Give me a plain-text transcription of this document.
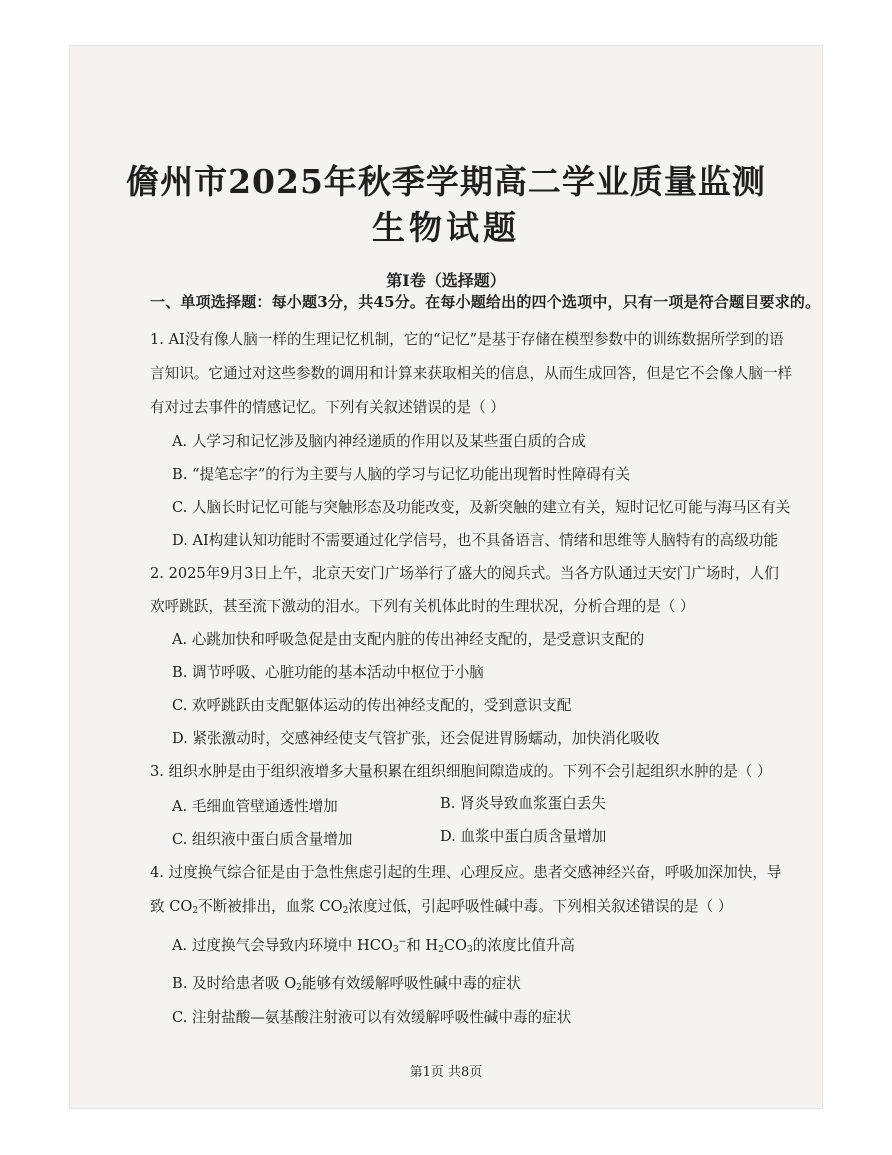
儋州市2025年秋季学期高二学业质量监测
生物试题
第Ⅰ卷（选择题）
一、单项选择题：每小题3分，共45分。在每小题给出的四个选项中，只有一项是符合题目要求的。
1. AI没有像人脑一样的生理记忆机制，它的“记忆”是基于存储在模型参数中的训练数据所学到的语
言知识。它通过对这些参数的调用和计算来获取相关的信息，从而生成回答，但是它不会像人脑一样
有对过去事件的情感记忆。下列有关叙述错误的是（ ）
A. 人学习和记忆涉及脑内神经递质的作用以及某些蛋白质的合成
B. “提笔忘字”的行为主要与人脑的学习与记忆功能出现暂时性障碍有关
C. 人脑长时记忆可能与突触形态及功能改变，及新突触的建立有关，短时记忆可能与海马区有关
D. AI构建认知功能时不需要通过化学信号，也不具备语言、情绪和思维等人脑特有的高级功能
2. 2025年9月3日上午，北京天安门广场举行了盛大的阅兵式。当各方队通过天安门广场时，人们
欢呼跳跃，甚至流下激动的泪水。下列有关机体此时的生理状况，分析合理的是（ ）
A. 心跳加快和呼吸急促是由支配内脏的传出神经支配的，是受意识支配的
B. 调节呼吸、心脏功能的基本活动中枢位于小脑
C. 欢呼跳跃由支配躯体运动的传出神经支配的，受到意识支配
D. 紧张激动时，交感神经使支气管扩张，还会促进胃肠蠕动，加快消化吸收
3. 组织水肿是由于组织液增多大量积累在组织细胞间隙造成的。下列不会引起组织水肿的是（ ）
A. 毛细血管壁通透性增加	B. 肾炎导致血浆蛋白丢失
C. 组织液中蛋白质含量增加	D. 血浆中蛋白质含量增加
4. 过度换气综合征是由于急性焦虑引起的生理、心理反应。患者交感神经兴奋，呼吸加深加快，导
致 $CO_2$不断被排出，血浆 $CO_2$浓度过低，引起呼吸性碱中毒。下列相关叙述错误的是（ ）
A. 过度换气会导致内环境中 $HCO_3^-$和 $H_2CO_3$的浓度比值升高
B. 及时给患者吸 $O_2$能够有效缓解呼吸性碱中毒的症状
C. 注射盐酸—氨基酸注射液可以有效缓解呼吸性碱中毒的症状
第1页 共8页
